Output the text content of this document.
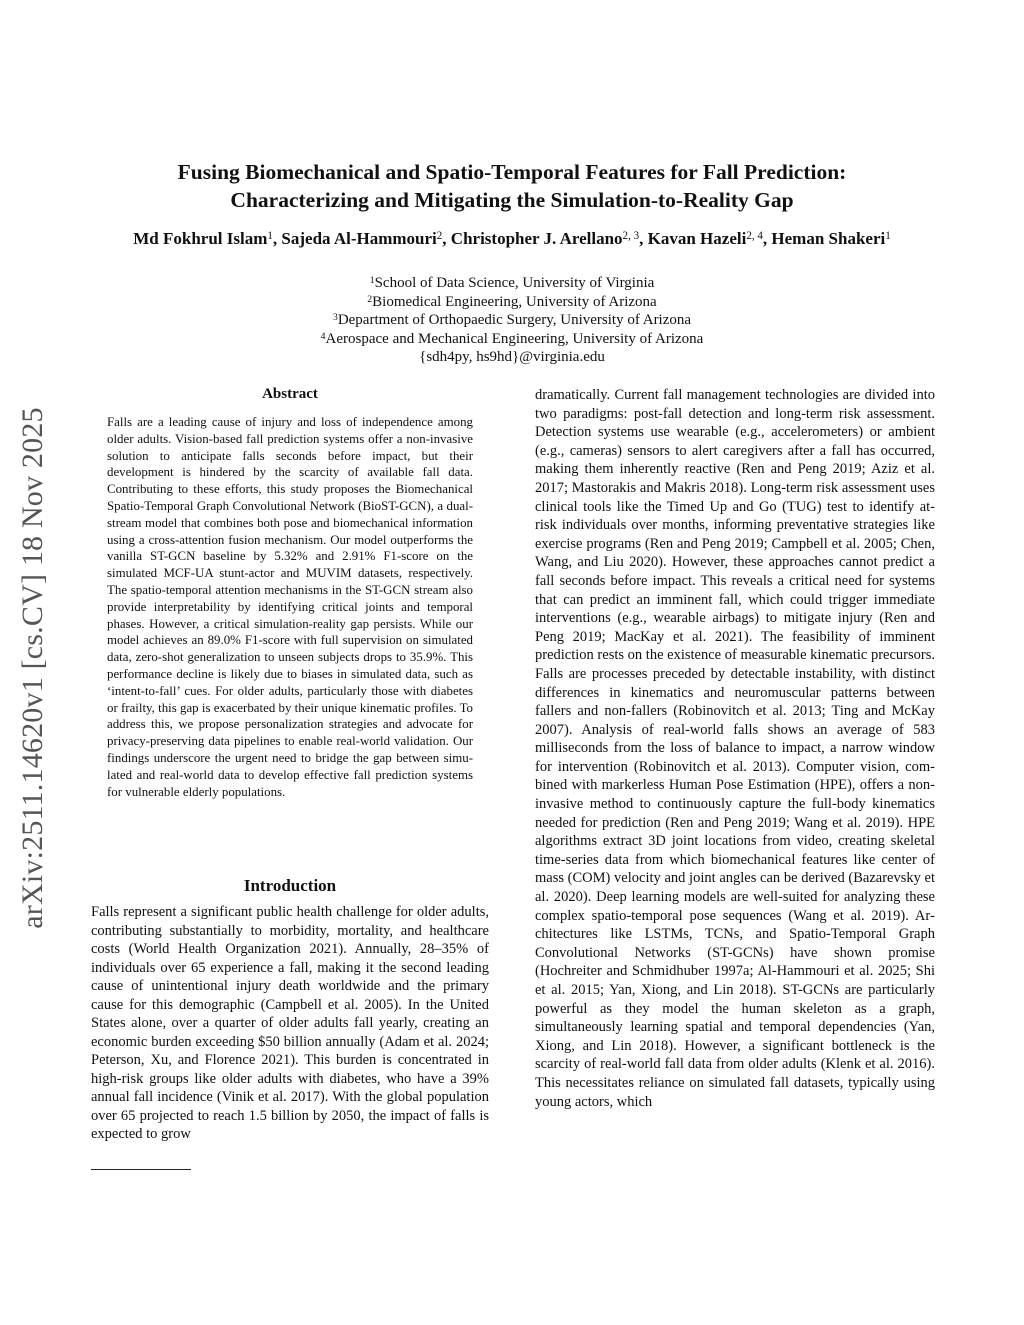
arXiv:2511.14620v1 [cs.CV] 18 Nov 2025
Fusing Biomechanical and Spatio-Temporal Features for Fall Prediction:
Characterizing and Mitigating the Simulation-to-Reality Gap
Md Fokhrul Islam$^1$, Sajeda Al-Hammouri$^2$, Christopher J. Arellano$^{2, 3}$, Kavan Hazeli$^{2, 4}$, Heman Shakeri$^1$
$^1$School of Data Science, University of Virginia
$^2$Biomedical Engineering, University of Arizona
$^3$Department of Orthopaedic Surgery, University of Arizona
$^4$Aerospace and Mechanical Engineering, University of Arizona
{sdh4py, hs9hd}@virginia.edu
Abstract

Falls are a leading cause of injury and loss of independence among older adults. Vision-based fall prediction systems offer a non-invasive solution to anticipate falls seconds before impact, but their development is hindered by the scarcity of available fall data. Contributing to these efforts, this study proposes the Biomechanical Spatio-Temporal Graph Convolutional Network (BioST-GCN), a dual-stream model that combines both pose and biomechanical information using a cross-attention fusion mechanism. Our model outperforms the vanilla ST-GCN baseline by 5.32% and 2.91% F1-score on the simulated MCF-UA stunt-actor and MUVIM datasets, respectively. The spatio-temporal attention mechanisms in the ST-GCN stream also provide interpretability by identifying critical joints and temporal phases. However, a critical simulation-reality gap persists. While our model achieves an 89.0% F1-score with full supervision on simulated data, zero-shot generalization to unseen subjects drops to 35.9%. This performance decline is likely due to biases in simulated data, such as ‘intent-to-fall’ cues. For older adults, particularly those with diabetes or frailty, this gap is exacerbated by their unique kinematic profiles. To address this, we propose personalization strategies and advocate for privacy-preserving data pipelines to enable real-world validation. Our findings underscore the urgent need to bridge the gap between simulated and real-world data to develop effective fall prediction systems for vulnerable elderly populations.

Introduction

Falls represent a significant public health challenge for older adults, contributing substantially to morbidity, mortality, and healthcare costs (World Health Organization 2021). Annually, 28–35% of individuals over 65 experience a fall, making it the second leading cause of unintentional injury death worldwide and the primary cause for this demographic (Campbell et al. 2005). In the United States alone, over a quarter of older adults fall yearly, creating an economic burden exceeding $50 billion annually (Adam et al. 2024; Peterson, Xu, and Florence 2021). This burden is concentrated in high-risk groups like older adults with diabetes, who have a 39% annual fall incidence (Vinik et al. 2017). With the global population over 65 projected to reach 1.5 billion by 2050, the impact of falls is expected to grow

dramatically. Current fall management technologies are divided into two paradigms: post-fall detection and long-term risk assessment. Detection systems use wearable (e.g., accelerometers) or ambient (e.g., cameras) sensors to alert caregivers after a fall has occurred, making them inherently reactive (Ren and Peng 2019; Aziz et al. 2017; Mastorakis and Makris 2018). Long-term risk assessment uses clinical tools like the Timed Up and Go (TUG) test to identify at-risk individuals over months, informing preventative strategies like exercise programs (Ren and Peng 2019; Campbell et al. 2005; Chen, Wang, and Liu 2020). However, these approaches cannot predict a fall seconds before impact. This reveals a critical need for systems that can predict an imminent fall, which could trigger immediate interventions (e.g., wearable airbags) to mitigate injury (Ren and Peng 2019; MacKay et al. 2021). The feasibility of imminent prediction rests on the existence of measurable kinematic precursors. Falls are processes preceded by detectable instability, with distinct differences in kinematics and neuromuscular patterns between fallers and non-fallers (Robinovitch et al. 2013; Ting and McKay 2007). Analysis of real-world falls shows an average of 583 milliseconds from the loss of balance to impact, a narrow window for intervention (Robinovitch et al. 2013). Computer vision, combined with markerless Human Pose Estimation (HPE), offers a non-invasive method to continuously capture the full-body kinematics needed for prediction (Ren and Peng 2019; Wang et al. 2019). HPE algorithms extract 3D joint locations from video, creating skeletal time-series data from which biomechanical features like center of mass (COM) velocity and joint angles can be derived (Bazarevsky et al. 2020). Deep learning models are well-suited for analyzing these complex spatio-temporal pose sequences (Wang et al. 2019). Architectures like LSTMs, TCNs, and Spatio-Temporal Graph Convolutional Networks (ST-GCNs) have shown promise (Hochreiter and Schmidhuber 1997a; Al-Hammouri et al. 2025; Shi et al. 2015; Yan, Xiong, and Lin 2018). ST-GCNs are particularly powerful as they model the human skeleton as a graph, simultaneously learning spatial and temporal dependencies (Yan, Xiong, and Lin 2018). However, a significant bottleneck is the scarcity of real-world fall data from older adults (Klenk et al. 2016). This necessitates reliance on simulated fall datasets, typically using young actors, which
